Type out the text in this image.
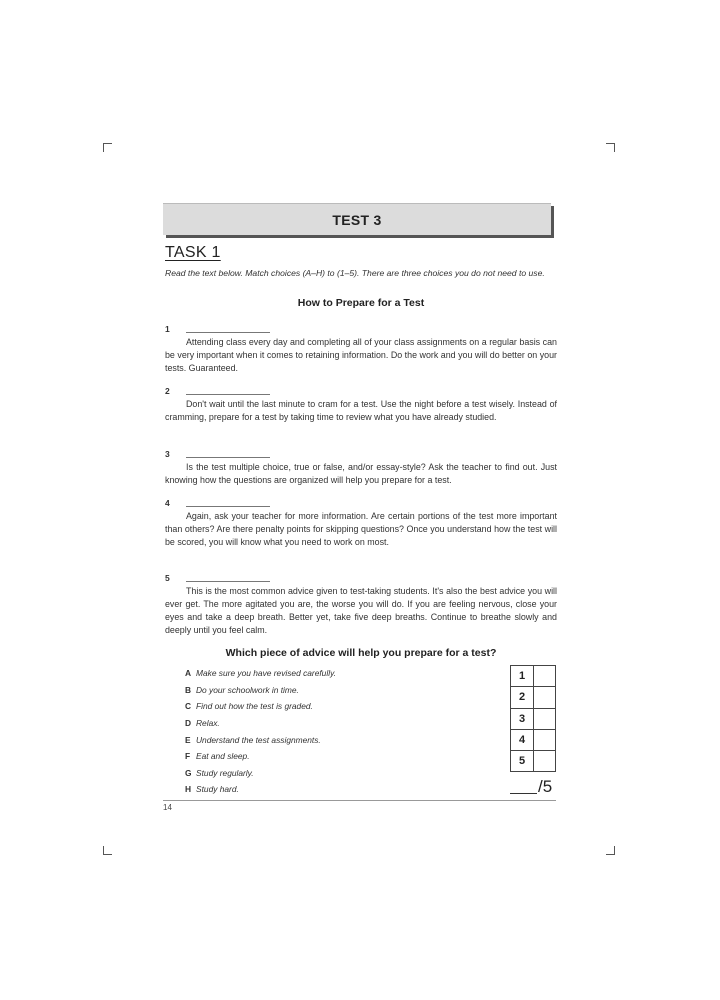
TEST 3
TASK 1
Read the text below. Match choices (A–H) to (1–5). There are three choices you do not need to use.
How to Prepare for a Test
1
Attending class every day and completing all of your class assignments on a regular basis can be very important when it comes to retaining information. Do the work and you will do better on your tests. Guaranteed.
2
Don't wait until the last minute to cram for a test. Use the night before a test wisely. Instead of cramming, prepare for a test by taking time to review what you have already studied.
3
Is the test multiple choice, true or false, and/or essay-style? Ask the teacher to find out. Just knowing how the questions are organized will help you prepare for a test.
4
Again, ask your teacher for more information. Are certain portions of the test more important than others? Are there penalty points for skipping questions? Once you understand how the test will be scored, you will know what you need to work on most.
5
This is the most common advice given to test-taking students. It's also the best advice you will ever get. The more agitated you are, the worse you will do. If you are feeling nervous, close your eyes and take a deep breath. Better yet, take five deep breaths. Continue to breathe slowly and deeply until you feel calm.
Which piece of advice will help you prepare for a test?
A Make sure you have revised carefully.
B Do your schoolwork in time.
C Find out how the test is graded.
D Relax.
E Understand the test assignments.
F Eat and sleep.
G Study regularly.
H Study hard.
1
2
3
4
5
/5
14
